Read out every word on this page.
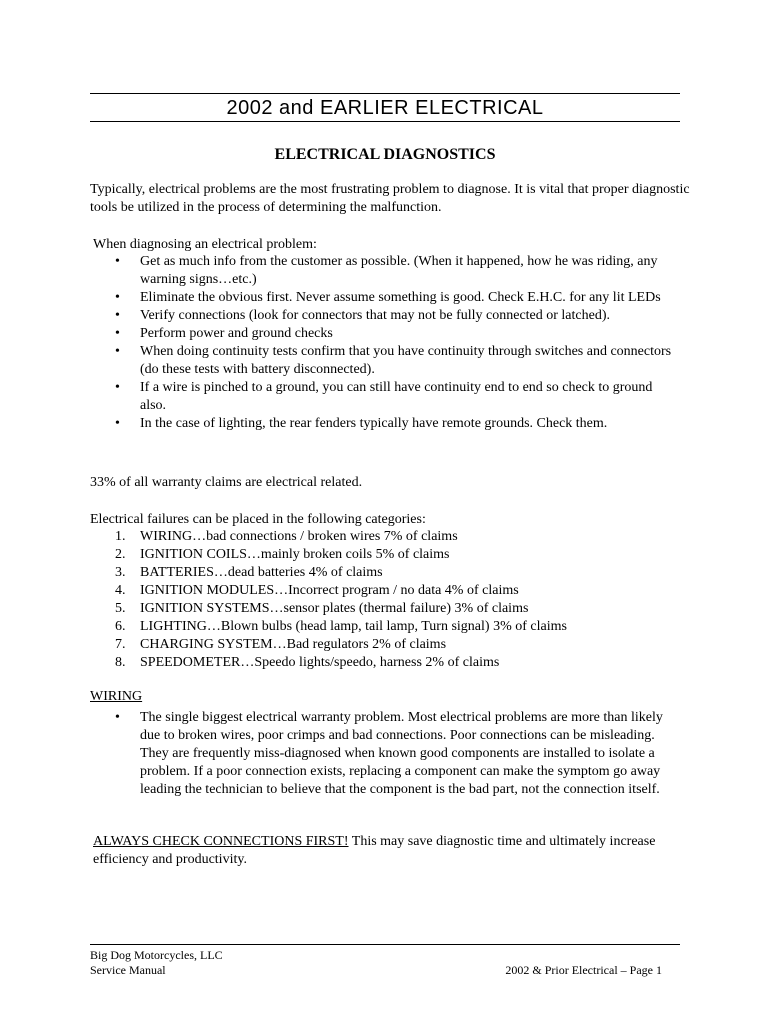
2002 and EARLIER ELECTRICAL
ELECTRICAL DIAGNOSTICS
Typically, electrical problems are the most frustrating problem to diagnose. It is vital that proper diagnostic tools be utilized in the process of determining the malfunction.
When diagnosing an electrical problem:
• Get as much info from the customer as possible. (When it happened, how he was riding, any warning signs…etc.)
• Eliminate the obvious first. Never assume something is good. Check E.H.C. for any lit LEDs
• Verify connections (look for connectors that may not be fully connected or latched).
• Perform power and ground checks
• When doing continuity tests confirm that you have continuity through switches and connectors (do these tests with battery disconnected).
• If a wire is pinched to a ground, you can still have continuity end to end so check to ground also.
• In the case of lighting, the rear fenders typically have remote grounds. Check them.
33% of all warranty claims are electrical related.
Electrical failures can be placed in the following categories:
1.	WIRING…bad connections / broken wires 7% of claims
2.	IGNITION COILS…mainly broken coils 5% of claims
3.	BATTERIES…dead batteries 4% of claims
4.	IGNITION MODULES…Incorrect program / no data 4% of claims
5.	IGNITION SYSTEMS…sensor plates (thermal failure) 3% of claims
6.	LIGHTING…Blown bulbs (head lamp, tail lamp, Turn signal) 3% of claims
7.	CHARGING SYSTEM…Bad regulators 2% of claims
8.	SPEEDOMETER…Speedo lights/speedo, harness 2% of claims
WIRING
• The single biggest electrical warranty problem. Most electrical problems are more than likely due to broken wires, poor crimps and bad connections. Poor connections can be misleading. They are frequently miss-diagnosed when known good components are installed to isolate a problem. If a poor connection exists, replacing a component can make the symptom go away leading the technician to believe that the component is the bad part, not the connection itself.
ALWAYS CHECK CONNECTIONS FIRST! This may save diagnostic time and ultimately increase efficiency and productivity.
Big Dog Motorcycles, LLC
Service Manual	2002 & Prior Electrical – Page 1
